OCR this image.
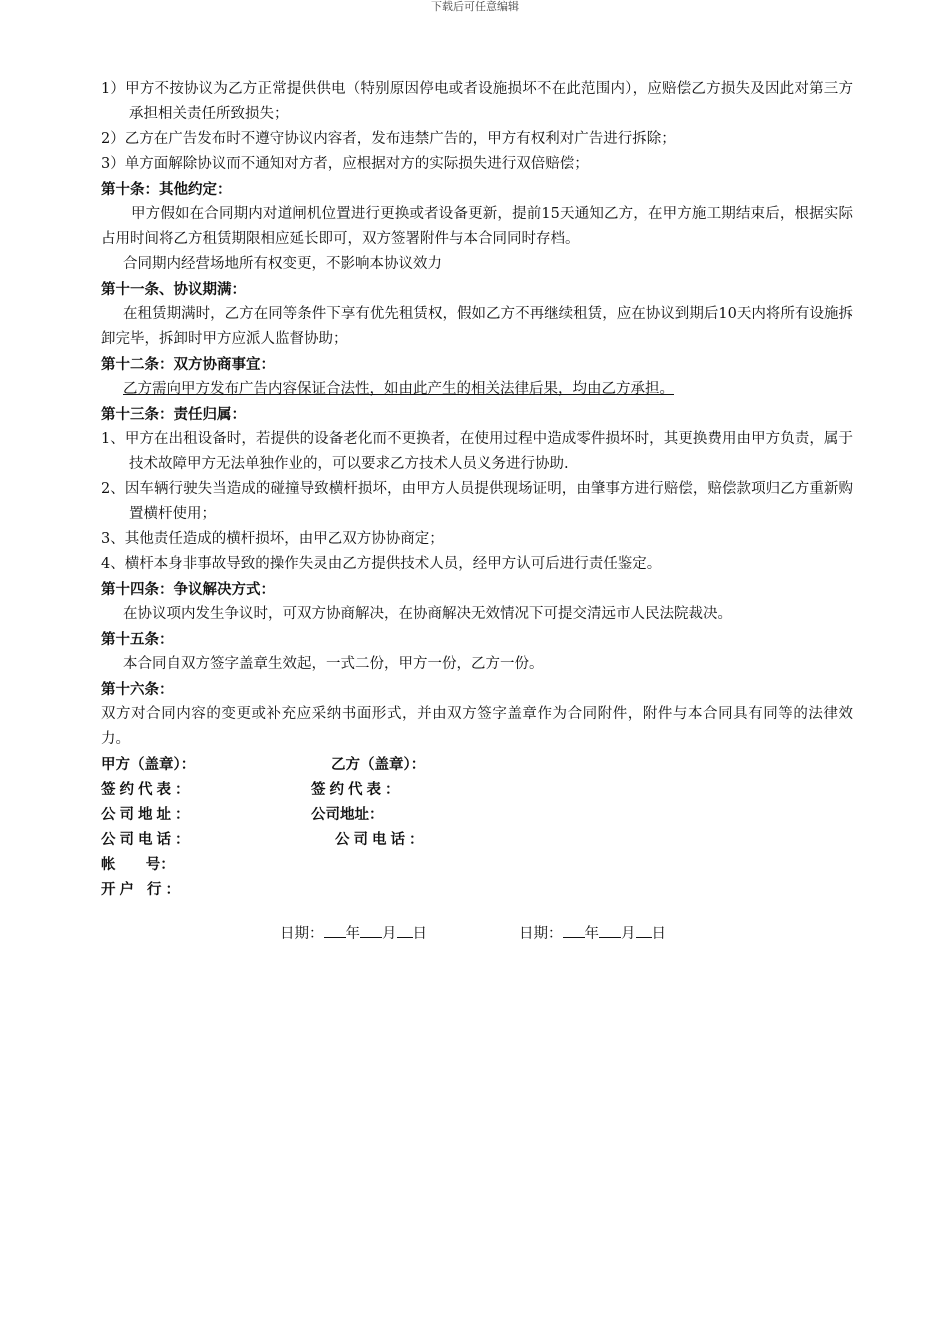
下载后可任意编辑

1）甲方不按协议为乙方正常提供供电（特别原因停电或者设施损坏不在此范围内），应赔偿乙方损失及因此对第三方承担相关责任所致损失；

2）乙方在广告发布时不遵守协议内容者，发布违禁广告的，甲方有权利对广告进行拆除；

3）单方面解除协议而不通知对方者，应根据对方的实际损失进行双倍赔偿；

第十条：其他约定：

甲方假如在合同期内对道闸机位置进行更换或者设备更新，提前15天通知乙方，在甲方施工期结束后，根据实际占用时间将乙方租赁期限相应延长即可，双方签署附件与本合同同时存档。

合同期内经营场地所有权变更，不影响本协议效力

第十一条、协议期满：

在租赁期满时，乙方在同等条件下享有优先租赁权，假如乙方不再继续租赁，应在协议到期后10天内将所有设施拆卸完毕，拆卸时甲方应派人监督协助；

第十二条：双方协商事宜：

乙方需向甲方发布广告内容保证合法性，如由此产生的相关法律后果，均由乙方承担。

第十三条：责任归属：

1、甲方在出租设备时，若提供的设备老化而不更换者，在使用过程中造成零件损坏时，其更换费用由甲方负责，属于技术故障甲方无法单独作业的，可以要求乙方技术人员义务进行协助.

2、因车辆行驶失当造成的碰撞导致横杆损坏，由甲方人员提供现场证明，由肇事方进行赔偿，赔偿款项归乙方重新购置横杆使用；

3、其他责任造成的横杆损坏，由甲乙双方协协商定；

4、横杆本身非事故导致的操作失灵由乙方提供技术人员，经甲方认可后进行责任鉴定。

第十四条：争议解决方式：

在协议项内发生争议时，可双方协商解决，在协商解决无效情况下可提交清远市人民法院裁决。

第十五条：

本合同自双方签字盖章生效起，一式二份，甲方一份，乙方一份。

第十六条：

双方对合同内容的变更或补充应采纳书面形式，并由双方签字盖章作为合同附件，附件与本合同具有同等的法律效力。

甲方（盖章）：	乙方（盖章）：
签约代表：	签约代表：
公司地址：	公司地址：
公司电话：	公司电话：
帐      号：	
开户 行：	
日期： 年 月 日	日期： 年 月 日
